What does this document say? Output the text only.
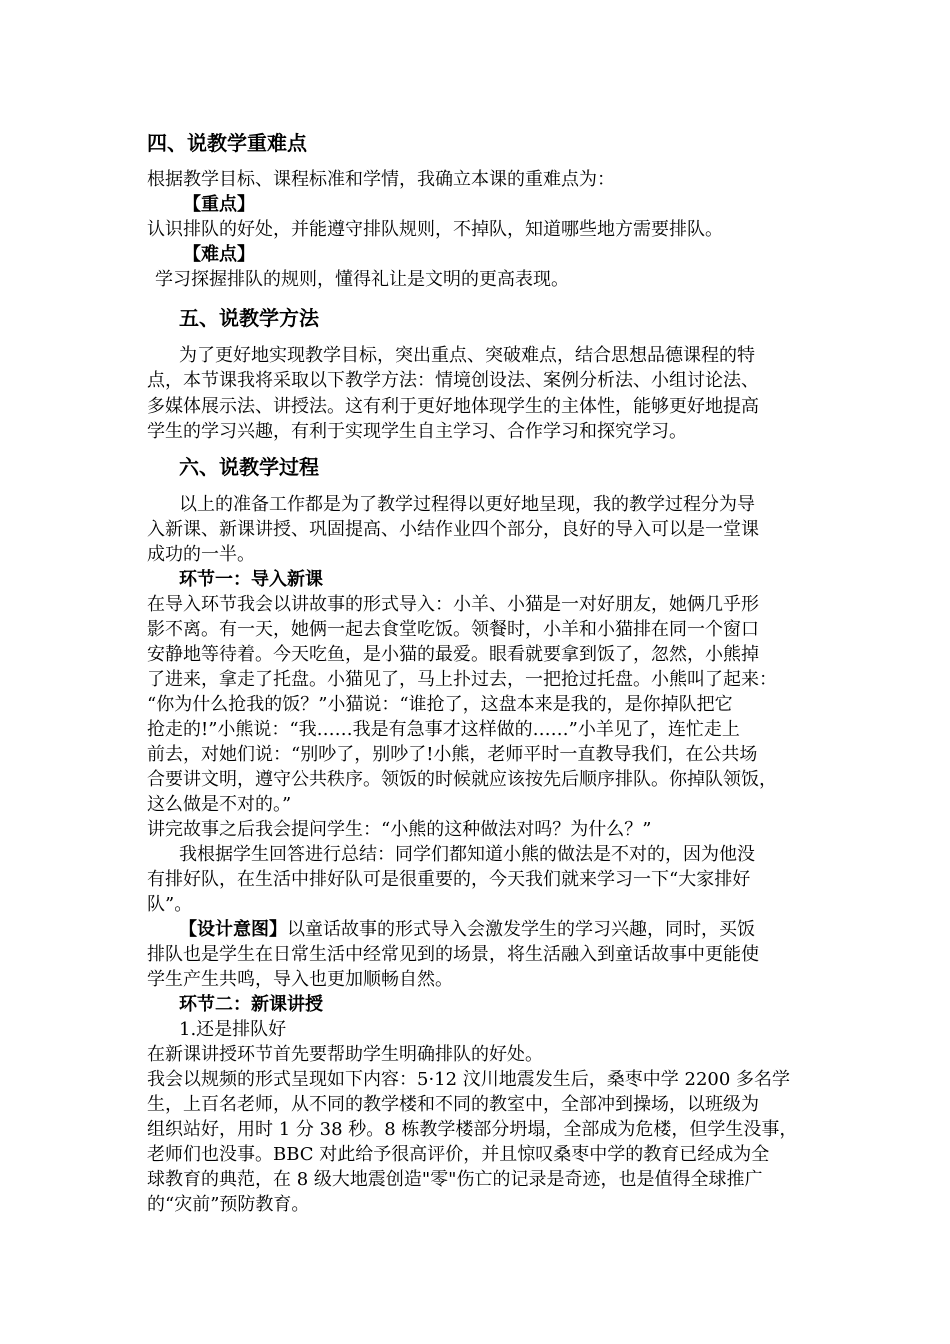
四、说教学重难点
根据教学目标、课程标准和学情，我确立本课的重难点为：
【重点】
认识排队的好处，并能遵守排队规则，不掉队，知道哪些地方需要排队。
【难点】
学习探握排队的规则，懂得礼让是文明的更高表现。
五、说教学方法
为了更好地实现教学目标，突出重点、突破难点，结合思想品德课程的特
点，本节课我将采取以下教学方法：情境创设法、案例分析法、小组讨论法、
多媒体展示法、讲授法。这有利于更好地体现学生的主体性，能够更好地提高
学生的学习兴趣，有利于实现学生自主学习、合作学习和探究学习。
六、说教学过程
以上的准备工作都是为了教学过程得以更好地呈现，我的教学过程分为导
入新课、新课讲授、巩固提高、小结作业四个部分，良好的导入可以是一堂课
成功的一半。
环节一：导入新课
在导入环节我会以讲故事的形式导入：小羊、小猫是一对好朋友，她俩几乎形
影不离。有一天，她俩一起去食堂吃饭。领餐时，小羊和小猫排在同一个窗口
安静地等待着。今天吃鱼，是小猫的最爱。眼看就要拿到饭了，忽然，小熊掉
了进来，拿走了托盘。小猫见了，马上扑过去，一把抢过托盘。小熊叫了起来：
“你为什么抢我的饭？”小猫说：“谁抢了，这盘本来是我的，是你掉队把它
抢走的!”小熊说：“我……我是有急事才这样做的……”小羊见了，连忙走上
前去，对她们说：“别吵了，别吵了!小熊，老师平时一直教导我们，在公共场
合要讲文明，遵守公共秩序。领饭的时候就应该按先后顺序排队。你掉队领饭，
这么做是不对的。”
讲完故事之后我会提问学生：“小熊的这种做法对吗？为什么？”
我根据学生回答进行总结：同学们都知道小熊的做法是不对的，因为他没
有排好队，在生活中排好队可是很重要的，今天我们就来学习一下“大家排好
队”。
【设计意图】以童话故事的形式导入会激发学生的学习兴趣，同时，买饭
排队也是学生在日常生活中经常见到的场景，将生活融入到童话故事中更能使
学生产生共鸣，导入也更加顺畅自然。
环节二：新课讲授
1.还是排队好
在新课讲授环节首先要帮助学生明确排队的好处。
我会以规频的形式呈现如下内容：5·12 汶川地震发生后，桑枣中学 2200 多名学
生，上百名老师，从不同的教学楼和不同的教室中，全部冲到操场，以班级为
组织站好，用时 1 分 38 秒。8 栋教学楼部分坍塌，全部成为危楼，但学生没事，
老师们也没事。BBC 对此给予很高评价，并且惊叹桑枣中学的教育已经成为全
球教育的典范，在 8 级大地震创造"零"伤亡的记录是奇迹，也是值得全球推广
的“灾前”预防教育。
